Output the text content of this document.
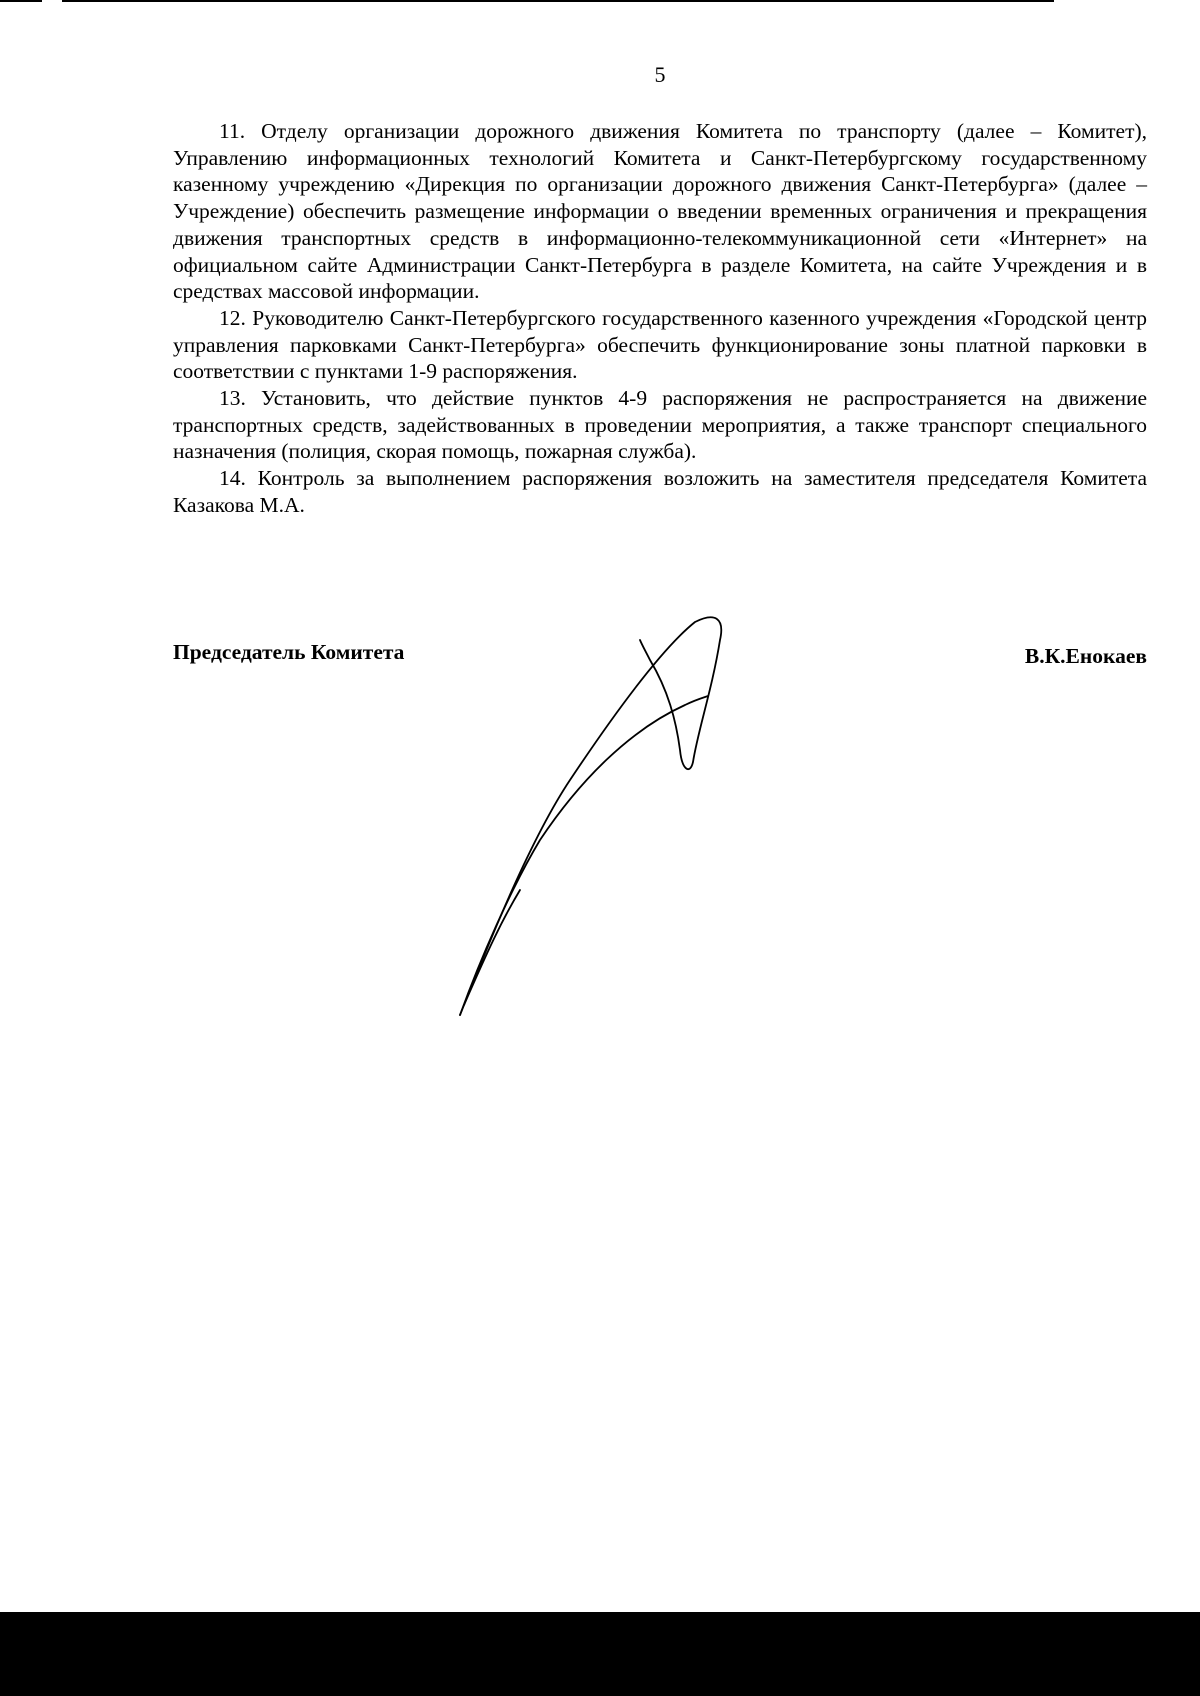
5

11. Отделу организации дорожного движения Комитета по транспорту (далее – Комитет), Управлению информационных технологий Комитета и Санкт-Петербургскому государственному казенному учреждению «Дирекция по организации дорожного движения Санкт-Петербурга» (далее – Учреждение) обеспечить размещение информации о введении временных ограничения и прекращения движения транспортных средств в информационно-телекоммуникационной сети «Интернет» на официальном сайте Администрации Санкт-Петербурга в разделе Комитета, на сайте Учреждения и в средствах массовой информации.

12. Руководителю Санкт-Петербургского государственного казенного учреждения «Городской центр управления парковками Санкт-Петербурга» обеспечить функционирование зоны платной парковки в соответствии с пунктами 1-9 распоряжения.

13. Установить, что действие пунктов 4-9 распоряжения не распространяется на движение транспортных средств, задействованных в проведении мероприятия, а также транспорт специального назначения (полиция, скорая помощь, пожарная служба).

14. Контроль за выполнением распоряжения возложить на заместителя председателя Комитета Казакова М.А.

Председатель Комитета	В.К.Енокаев
